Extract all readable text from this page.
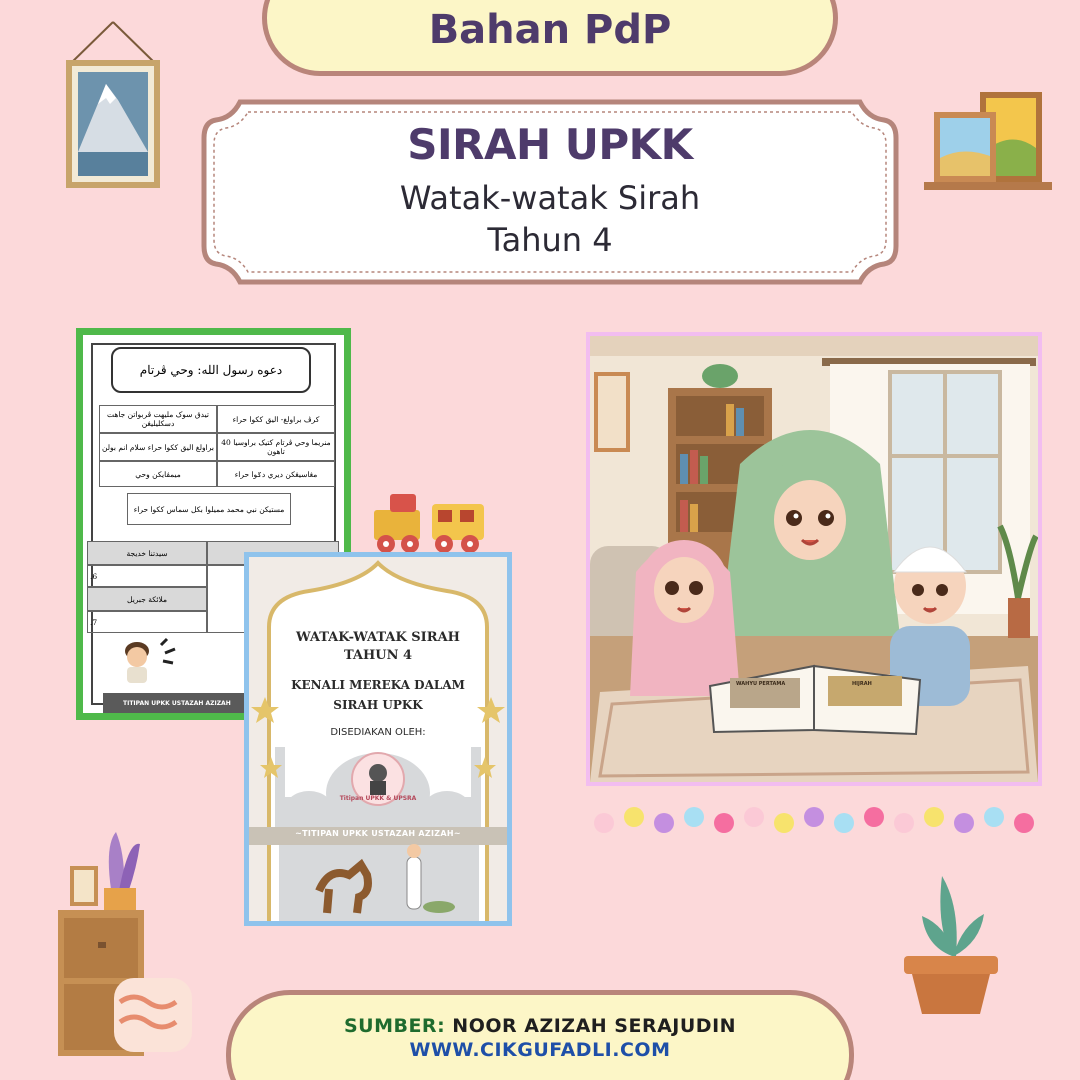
Bahan PdP
SIRAH UPKK
Watak-watak Sirah
Tahun 4
دعوه رسول الله: وحي ڤرتام
كرڤ براولغ- اليق ككوا حراء
تيدق سوک مليهت ڤربواتن جاهت دسكليليڠن
منريما وحي ڤرتام كتيک براوسيا 40 تاهون
براولغ اليق ككوا حراء سلام انم بولن
مڠاسيڠكن ديري دݢوا حراء
ميمڤايكن وحي
مستيكن نبي محمد مميلوا بکل سماس ككوا حراء
سيدتنا خديجة
6.
ملائكة جبريل
7.
TITIPAN UPKK USTAZAH AZIZAH
WATAK-WATAK SIRAH
TAHUN 4
KENALI MEREKA DALAM
SIRAH UPKK
DISEDIAKAN OLEH:
Titipan UPKK & UPSRA
~TITIPAN UPKK USTAZAH AZIZAH~
WAHYU PERTAMA	HIJRAH
SUMBER: NOOR AZIZAH SERAJUDIN
WWW.CIKGUFADLI.COM
